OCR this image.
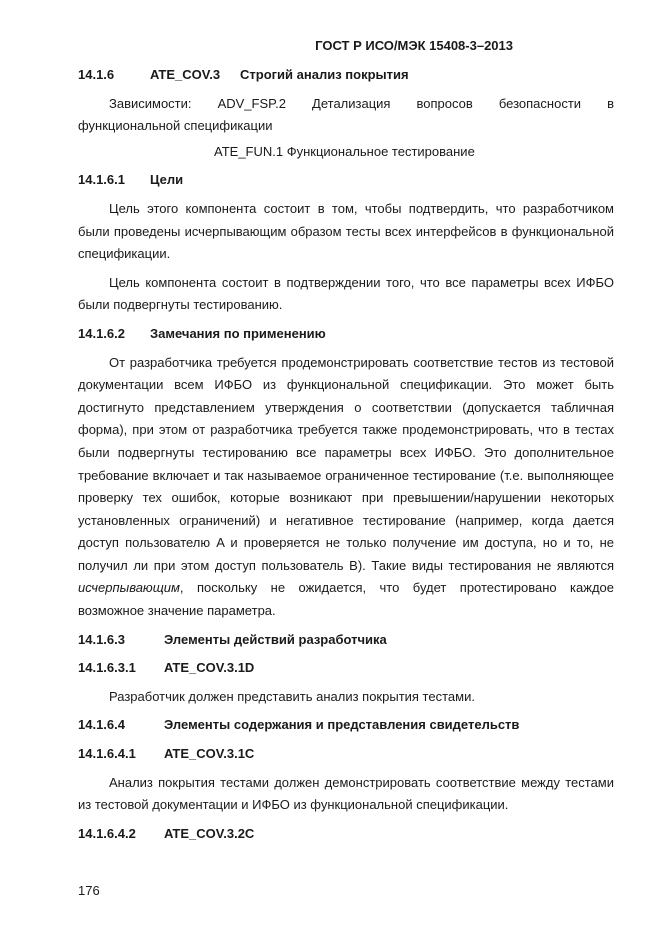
ГОСТ Р ИСО/МЭК 15408-3–2013
14.1.6	ATE_COV.3	Строгий анализ покрытия

Зависимости: ADV_FSP.2 Детализация вопросов безопасности в

функциональной спецификации

ATE_FUN.1 Функциональное тестирование

14.1.6.1	Цели

Цель этого компонента состоит в том, чтобы подтвердить, что разработчиком были проведены исчерпывающим образом тесты всех интерфейсов в функциональной спецификации.

Цель компонента состоит в подтверждении того, что все параметры всех ИФБО были подвергнуты тестированию.

14.1.6.2	Замечания по применению

От разработчика требуется продемонстрировать соответствие тестов из тестовой документации всем ИФБО из функциональной спецификации. Это может быть достигнуто представлением утверждения о соответствии (допускается табличная форма), при этом от разработчика требуется также продемонстрировать, что в тестах были подвергнуты тестированию все параметры всех ИФБО. Это дополнительное требование включает и так называемое ограниченное тестирование (т.е. выполняющее проверку тех ошибок, которые возникают при превышении/нарушении некоторых установленных ограничений) и негативное тестирование (например, когда дается доступ пользователю A и проверяется не только получение им доступа, но и то, не получил ли при этом доступ пользователь B). Такие виды тестирования не являются исчерпывающим, поскольку не ожидается, что будет протестировано каждое возможное значение параметра.

14.1.6.3	Элементы действий разработчика
14.1.6.3.1	ATE_COV.3.1D

Разработчик должен представить анализ покрытия тестами.

14.1.6.4	Элементы содержания и представления свидетельств
14.1.6.4.1	ATE_COV.3.1C

Анализ покрытия тестами должен демонстрировать соответствие между тестами из тестовой документации и ИФБО из функциональной спецификации.

14.1.6.4.2	ATE_COV.3.2C
176
